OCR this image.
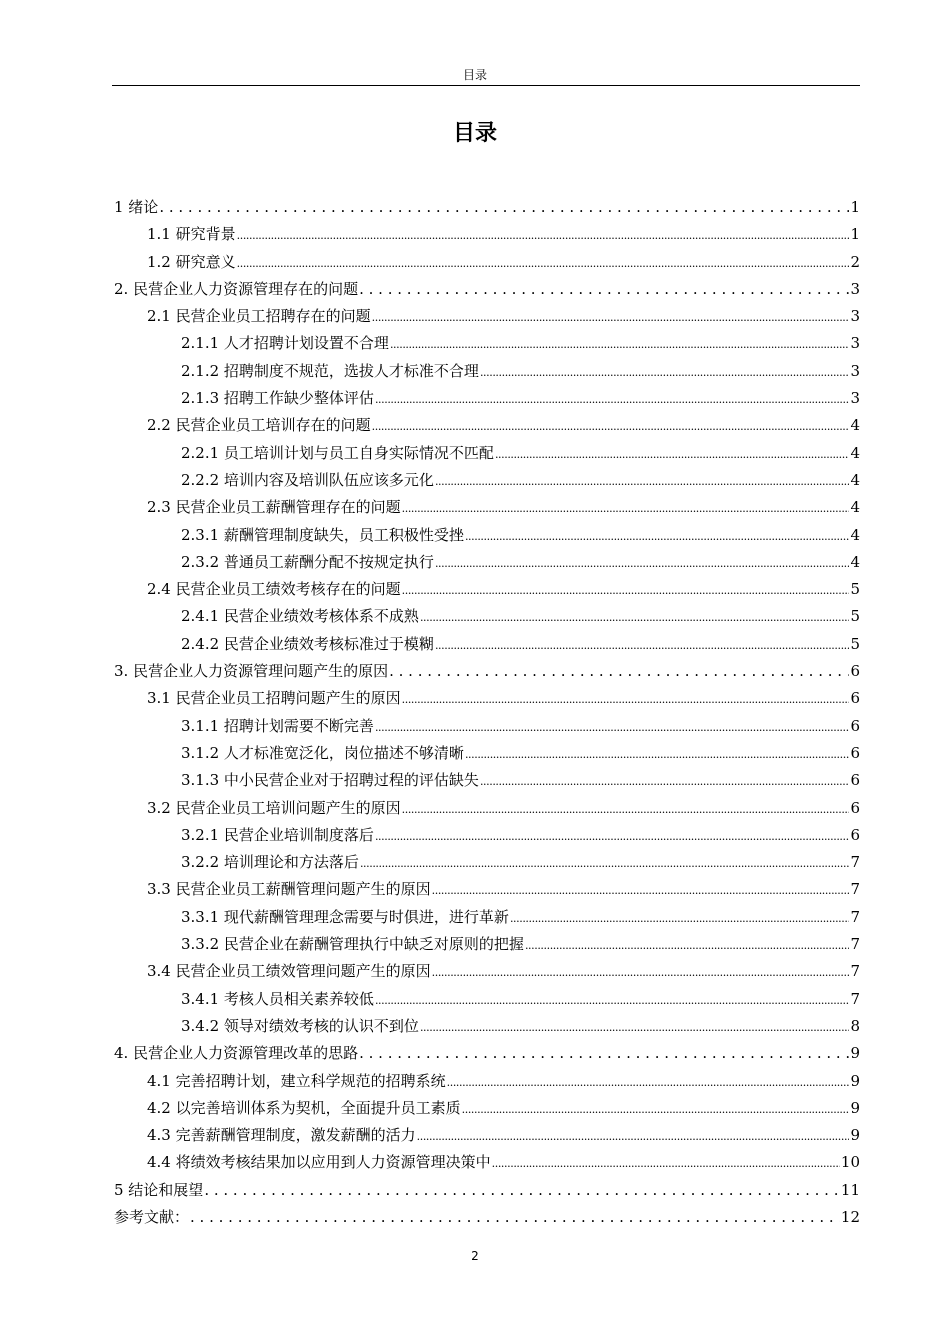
目录
目录
1 绪论 . . .	1
1.1 研究背景 .....	1
1.2 研究意义 .....	2
2. 民营企业人力资源管理存在的问题 . . .	3
2.1 民营企业员工招聘存在的问题 .....	3
2.1.1 人才招聘计划设置不合理 .....	3
2.1.2 招聘制度不规范，选拔人才标准不合理 .....	3
2.1.3 招聘工作缺少整体评估 .....	3
2.2 民营企业员工培训存在的问题 .....	4
2.2.1 员工培训计划与员工自身实际情况不匹配 .....	4
2.2.2 培训内容及培训队伍应该多元化 .....	4
2.3 民营企业员工薪酬管理存在的问题 .....	4
2.3.1 薪酬管理制度缺失，员工积极性受挫 .....	4
2.3.2 普通员工薪酬分配不按规定执行 .....	4
2.4 民营企业员工绩效考核存在的问题 .....	5
2.4.1 民营企业绩效考核体系不成熟 .....	5
2.4.2 民营企业绩效考核标准过于模糊 .....	5
3. 民营企业人力资源管理问题产生的原因 . . .	6
3.1 民营企业员工招聘问题产生的原因 .....	6
3.1.1 招聘计划需要不断完善 .....	6
3.1.2 人才标准宽泛化，岗位描述不够清晰 .....	6
3.1.3 中小民营企业对于招聘过程的评估缺失 .....	6
3.2 民营企业员工培训问题产生的原因 .....	6
3.2.1 民营企业培训制度落后 .....	6
3.2.2 培训理论和方法落后 .....	7
3.3 民营企业员工薪酬管理问题产生的原因 .....	7
3.3.1 现代薪酬管理理念需要与时俱进，进行革新 .....	7
3.3.2 民营企业在薪酬管理执行中缺乏对原则的把握 .....	7
3.4 民营企业员工绩效管理问题产生的原因 .....	7
3.4.1 考核人员相关素养较低 .....	7
3.4.2 领导对绩效考核的认识不到位 .....	8
4. 民营企业人力资源管理改革的思路 . . .	9
4.1 完善招聘计划，建立科学规范的招聘系统 .....	9
4.2 以完善培训体系为契机，全面提升员工素质 .....	9
4.3 完善薪酬管理制度，激发薪酬的活力 .....	9
4.4 将绩效考核结果加以应用到人力资源管理决策中 .....	10
5 结论和展望 . . .	11
参考文献： . . .	12
2
